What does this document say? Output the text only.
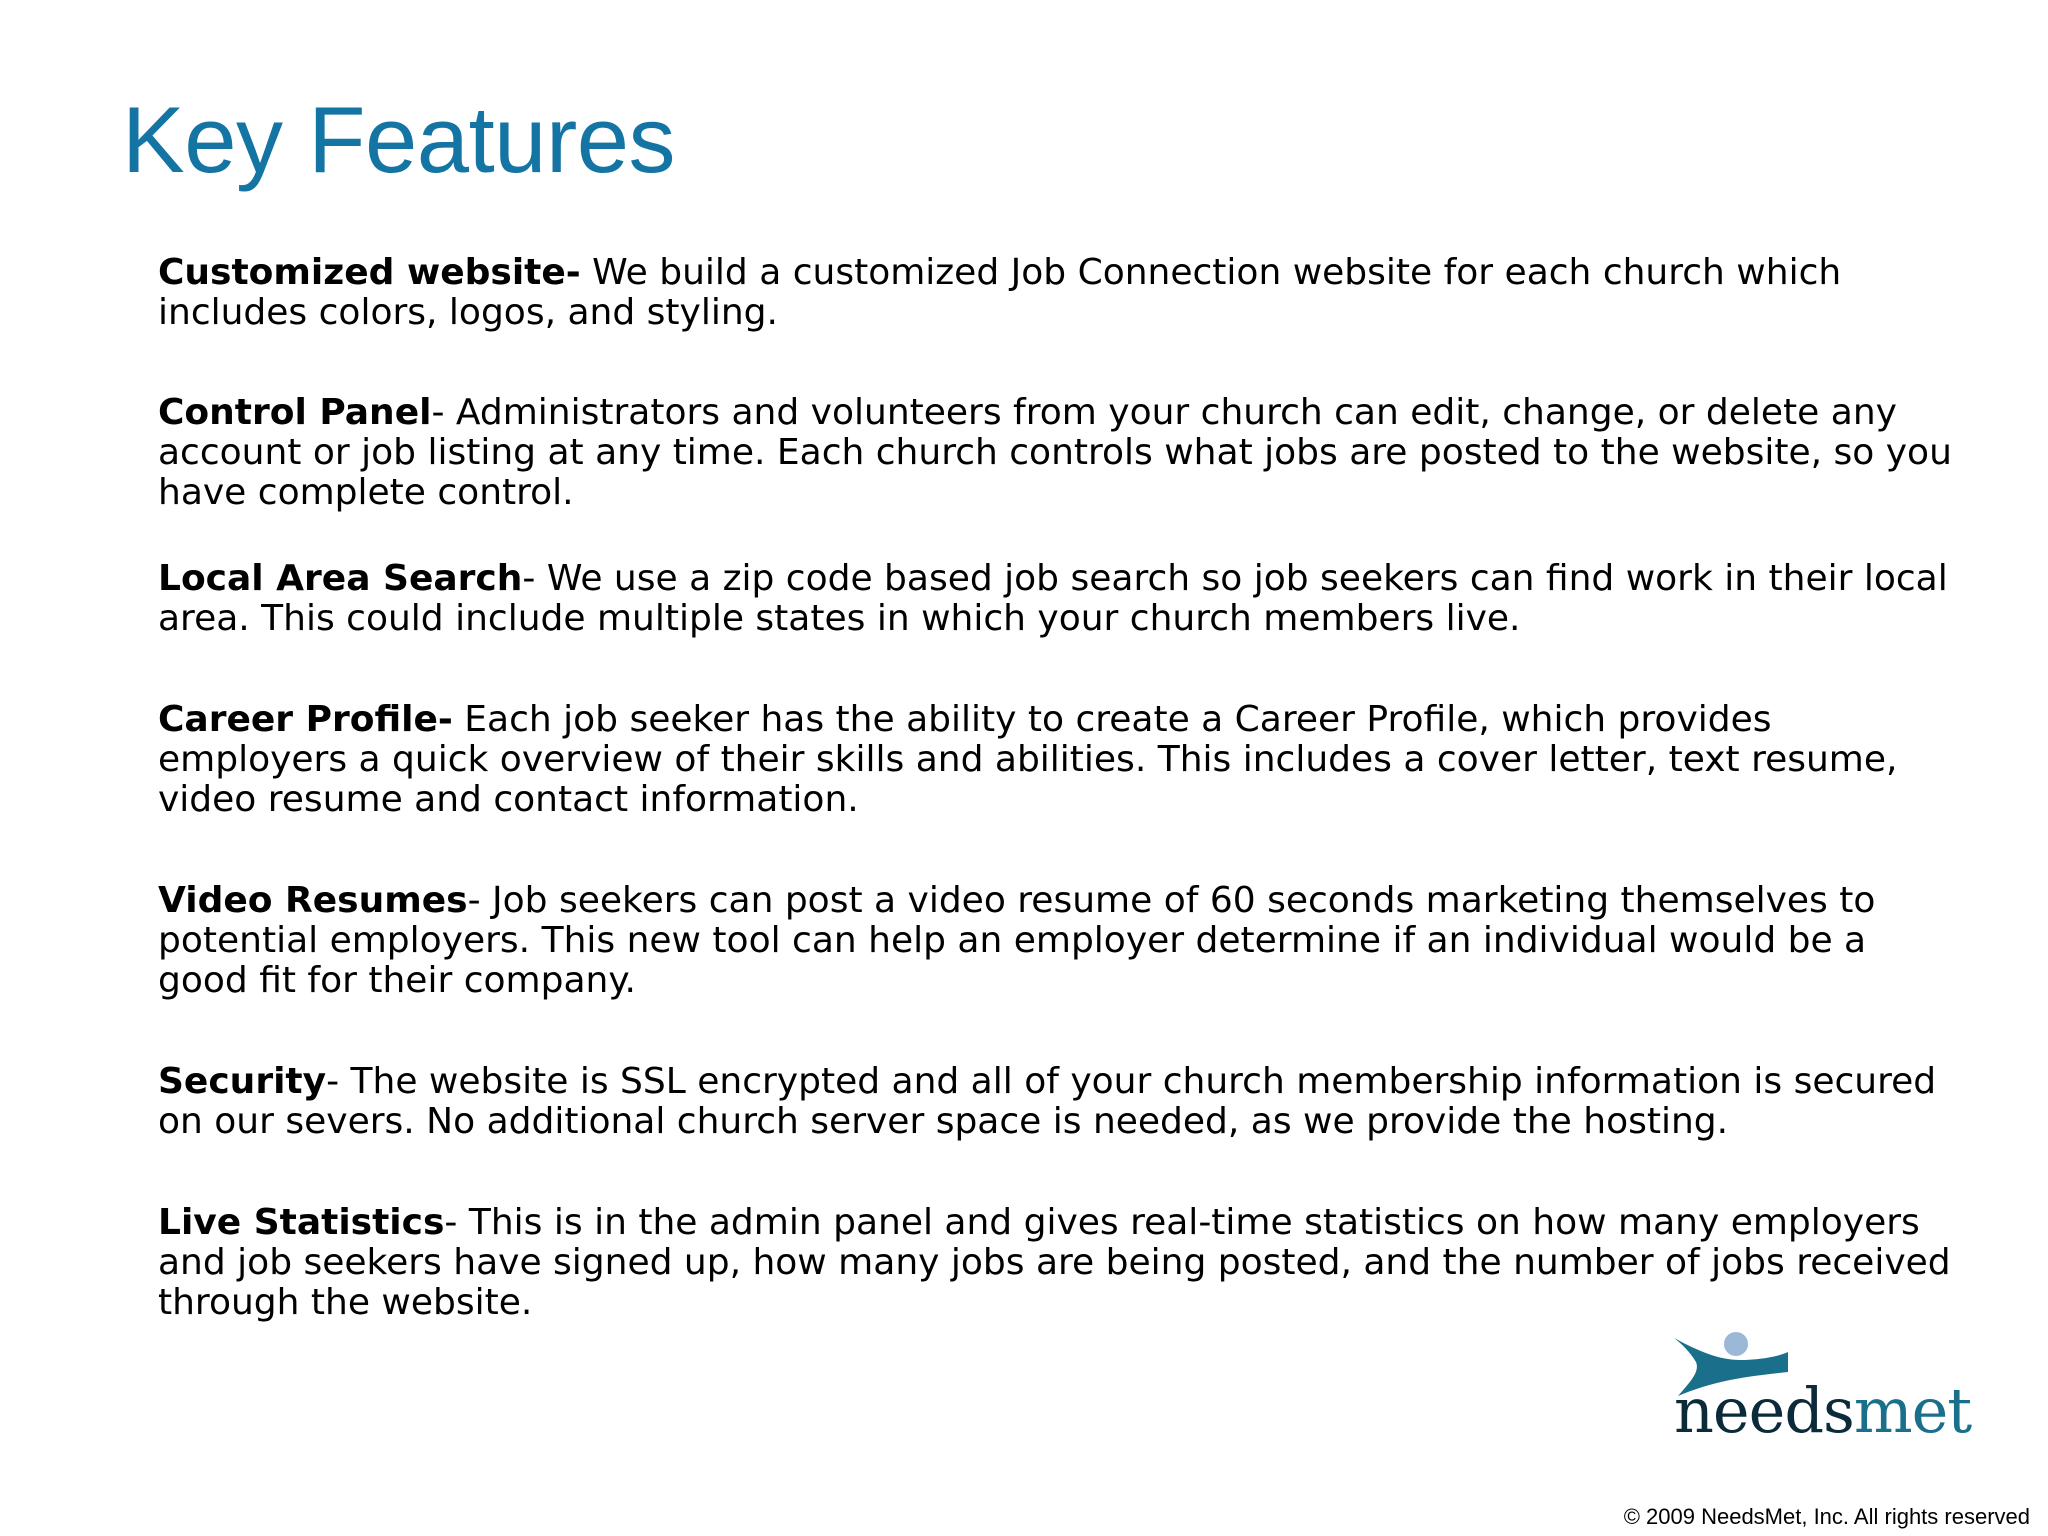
Key Features

Customized website- We build a customized Job Connection website for each church which includes colors, logos, and styling.

Control Panel- Administrators and volunteers from your church can edit, change, or delete any account or job listing at any time. Each church controls what jobs are posted to the website, so you have complete control.

Local Area Search- We use a zip code based job search so job seekers can find work in their local area. This could include multiple states in which your church members live.

Career Profile- Each job seeker has the ability to create a Career Profile, which provides employers a quick overview of their skills and abilities. This includes a cover letter, text resume, video resume and contact information.

Video Resumes- Job seekers can post a video resume of 60 seconds marketing themselves to potential employers. This new tool can help an employer determine if an individual would be a good fit for their company.

Security- The website is SSL encrypted and all of your church membership information is secured on our severs. No additional church server space is needed, as we provide the hosting.

Live Statistics- This is in the admin panel and gives real-time statistics on how many employers and job seekers have signed up, how many jobs are being posted, and the number of jobs received through the website.

needsmet
© 2009 NeedsMet, Inc. All rights reserved
